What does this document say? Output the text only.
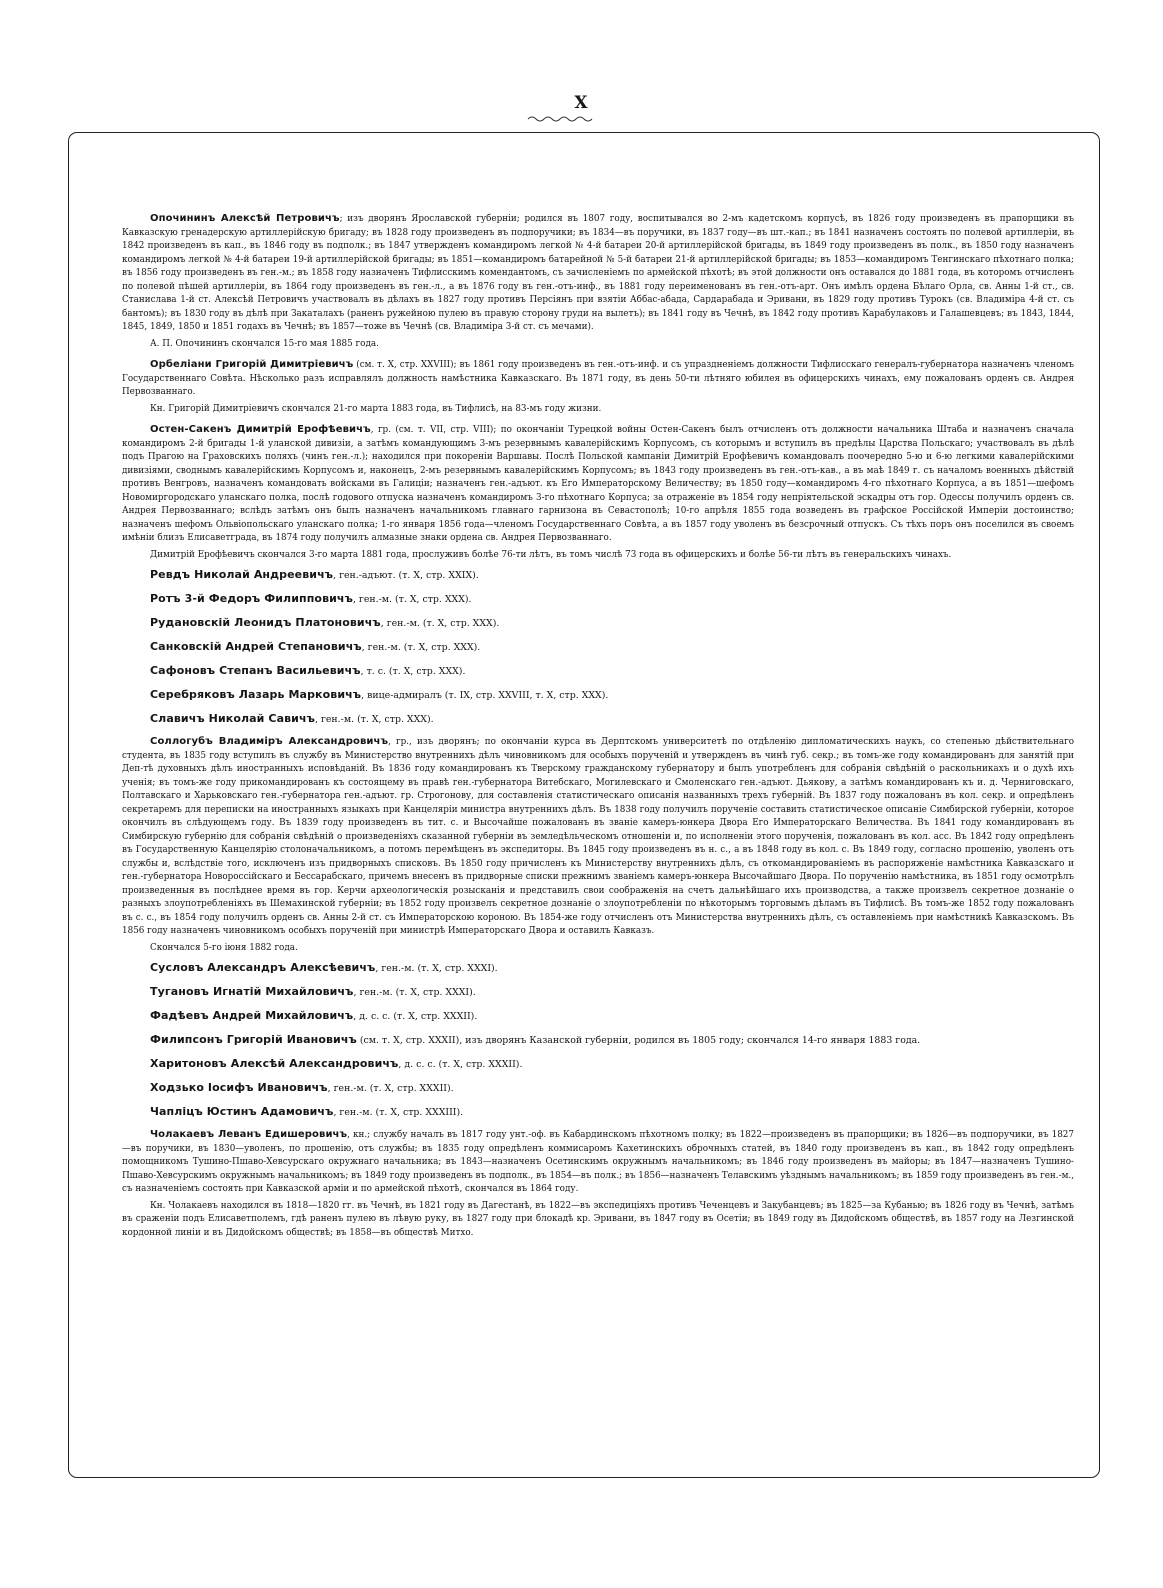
X

Опочининъ Алексѣй Петровичъ; изъ дворянъ Ярославской губерніи; родился въ 1807 году, воспитывался во 2-мъ кадетскомъ корпусѣ, въ 1826 году произведенъ въ прапорщики въ Кавказскую гренадерскую артиллерійскую бригаду; въ 1828 году произведенъ въ подпоручики; въ 1834—въ поручики, въ 1837 году—въ шт.-кап.; въ 1841 назначенъ состоять по полевой артиллеріи, въ 1842 произведенъ въ кап., въ 1846 году въ подполк.; въ 1847 утвержденъ командиромъ легкой № 4-й батареи 20-й артиллерійской бригады, въ 1849 году произведенъ въ полк., въ 1850 году назначенъ командиромъ легкой № 4-й батареи 19-й артиллерійской бригады; въ 1851—командиромъ батарейной № 5-й батареи 21-й артиллерійской бригады; въ 1853—командиромъ Тенгинскаго пѣхотнаго полка; въ 1856 году произведенъ въ ген.-м.; въ 1858 году назначенъ Тифлисскимъ комендантомъ, съ зачисленіемъ по армейской пѣхотѣ; въ этой должности онъ оставался до 1881 года, въ которомъ отчисленъ по полевой пѣшей артиллеріи, въ 1864 году произведенъ въ ген.-л., а въ 1876 году въ ген.-отъ-инф., въ 1881 году переименованъ въ ген.-отъ-арт. Онъ имѣлъ ордена Бѣлаго Орла, св. Анны 1-й ст., св. Станислава 1-й ст. Алексѣй Петровичъ участвовалъ въ дѣлахъ въ 1827 году противъ Персіянъ при взятіи Аббас-абада, Сардарабада и Эривани, въ 1829 году противъ Турокъ (св. Владиміра 4-й ст. съ бантомъ); въ 1830 году въ дѣлѣ при Закаталахъ (раненъ ружейною пулею въ правую сторону груди на вылетъ); въ 1841 году въ Чечнѣ, въ 1842 году противъ Карабулаковъ и Галашевцевъ; въ 1843, 1844, 1845, 1849, 1850 и 1851 годахъ въ Чечнѣ; въ 1857—тоже въ Чечнѣ (св. Владиміра 3-й ст. съ мечами).

А. П. Опочининъ скончался 15-го мая 1885 года.

Орбеліани Григорій Димитріевичъ (см. т. X, стр. XXVIII); въ 1861 году произведенъ въ ген.-отъ-инф. и съ упраздненіемъ должности Тифлисскаго генералъ-губернатора назначенъ членомъ Государственнаго Совѣта. Нѣсколько разъ исправлялъ должность намѣстника Кавказскаго. Въ 1871 году, въ день 50-ти лѣтняго юбилея въ офицерскихъ чинахъ, ему пожалованъ орденъ св. Андрея Первозваннаго.

Кн. Григорій Димитріевичъ скончался 21-го марта 1883 года, въ Тифлисѣ, на 83-мъ году жизни.

Остен-Сакенъ Димитрій Ерофѣевичъ, гр. (см. т. VII, стр. VIII); по окончаніи Турецкой войны Остен-Сакенъ былъ отчисленъ отъ должности начальника Штаба и назначенъ сначала командиромъ 2-й бригады 1-й уланской дивизіи, а затѣмъ командующимъ 3-мъ резервнымъ кавалерійскимъ Корпусомъ, съ которымъ и вступилъ въ предѣлы Царства Польскаго; участвовалъ въ дѣлѣ подъ Прагою на Граховскихъ поляхъ (чинъ ген.-л.); находился при покореніи Варшавы. Послѣ Польской кампаніи Димитрій Ерофѣевичъ командовалъ поочередно 5-ю и 6-ю легкими кавалерійскими дивизіями, своднымъ кавалерійскимъ Корпусомъ и, наконецъ, 2-мъ резервнымъ кавалерійскимъ Корпусомъ; въ 1843 году произведенъ въ ген.-отъ-кав., а въ маѣ 1849 г. съ началомъ военныхъ дѣйствій противъ Венгровъ, назначенъ командовать войсками въ Галиціи; назначенъ ген.-адъют. къ Его Императорскому Величеству; въ 1850 году—командиромъ 4-го пѣхотнаго Корпуса, а въ 1851—шефомъ Новомиргородскаго уланскаго полка, послѣ годового отпуска назначенъ командиромъ 3-го пѣхотнаго Корпуса; за отраженіе въ 1854 году непріятельской эскадры отъ гор. Одессы получилъ орденъ св. Андрея Первозваннаго; вслѣдъ затѣмъ онъ былъ назначенъ начальникомъ главнаго гарнизона въ Севастополѣ; 10-го апрѣля 1855 года возведенъ въ графское Россійской Имперіи достоинство; назначенъ шефомъ Ольвіопольскаго уланскаго полка; 1-го января 1856 года—членомъ Государственнаго Совѣта, а въ 1857 году уволенъ въ безсрочный отпускъ. Съ тѣхъ поръ онъ поселился въ своемъ имѣніи близъ Елисаветграда, въ 1874 году получилъ алмазные знаки ордена св. Андрея Первозваннаго.

Димитрій Ерофѣевичъ скончался 3-го марта 1881 года, прослуживъ болѣе 76-ти лѣтъ, въ томъ числѣ 73 года въ офицерскихъ и болѣе 56-ти лѣтъ въ генеральскихъ чинахъ.

Ревдъ Николай Андреевичъ, ген.-адъют. (т. X, стр. XXIX).
Ротъ 3-й Федоръ Филипповичъ, ген.-м. (т. X, стр. XXX).
Рудановскій Леонидъ Платоновичъ, ген.-м. (т. X, стр. XXX).
Санковскій Андрей Степановичъ, ген.-м. (т. X, стр. XXX).
Сафоновъ Степанъ Васильевичъ, т. с. (т. X, стр. XXX).
Серебряковъ Лазарь Марковичъ, вице-адмиралъ (т. IX, стр. XXVIII, т. X, стр. XXX).
Славичъ Николай Савичъ, ген.-м. (т. X, стр. XXX).

Соллогубъ Владиміръ Александровичъ, гр., изъ дворянъ; по окончаніи курса въ Дерптскомъ университетѣ по отдѣленію дипломатическихъ наукъ, со степенью дѣйствительнаго студента, въ 1835 году вступилъ въ службу въ Министерство внутреннихъ дѣлъ чиновникомъ для особыхъ порученій и утвержденъ въ чинѣ губ. секр.; въ томъ-же году командированъ для занятій при Деп-тѣ духовныхъ дѣлъ иностранныхъ исповѣданій. Въ 1836 году командированъ къ Тверскому гражданскому губернатору и былъ употребленъ для собранія свѣдѣній о раскольникахъ и о духѣ ихъ ученія; въ томъ-же году прикомандированъ къ состоящему въ правѣ ген.-губернатора Витебскаго, Могилевскаго и Смоленскаго ген.-адъют. Дьякову, а затѣмъ командированъ къ и. д. Черниговскаго, Полтавскаго и Харьковскаго ген.-губернатора ген.-адъют. гр. Строгонову, для составленія статистическаго описанія названныхъ трехъ губерній. Въ 1837 году пожалованъ въ кол. секр. и опредѣленъ секретаремъ для переписки на иностранныхъ языкахъ при Канцеляріи министра внутреннихъ дѣлъ. Въ 1838 году получилъ порученіе составить статистическое описаніе Симбирской губерніи, которое окончилъ въ слѣдующемъ году. Въ 1839 году произведенъ въ тит. с. и Высочайше пожалованъ въ званіе камеръ-юнкера Двора Его Императорскаго Величества. Въ 1841 году командированъ въ Симбирскую губернію для собранія свѣдѣній о произведеніяхъ сказанной губерніи въ земледѣльческомъ отношеніи и, по исполненіи этого порученія, пожалованъ въ кол. асс. Въ 1842 году опредѣленъ въ Государственную Канцелярію столоначальникомъ, а потомъ перемѣщенъ въ экспедиторы. Въ 1845 году произведенъ въ н. с., а въ 1848 году въ кол. с. Въ 1849 году, согласно прошенію, уволенъ отъ службы и, вслѣдствіе того, исключенъ изъ придворныхъ списковъ. Въ 1850 году причисленъ къ Министерству внутреннихъ дѣлъ, съ откомандированіемъ въ распоряженіе намѣстника Кавказскаго и ген.-губернатора Новороссійскаго и Бессарабскаго, причемъ внесенъ въ придворные списки прежнимъ званіемъ камеръ-юнкера Высочайшаго Двора. По порученію намѣстника, въ 1851 году осмотрѣлъ произведенныя въ послѣднее время въ гор. Керчи археологическія розысканія и представилъ свои соображенія на счетъ дальнѣйшаго ихъ производства, а также произвелъ секретное дознаніе о разныхъ злоупотребленіяхъ въ Шемахинской губерніи; въ 1852 году произвелъ секретное дознаніе о злоупотребленіи по нѣкоторымъ торговымъ дѣламъ въ Тифлисѣ. Въ томъ-же 1852 году пожалованъ въ с. с., въ 1854 году получилъ орденъ св. Анны 2-й ст. съ Императорскою короною. Въ 1854-же году отчисленъ отъ Министерства внутреннихъ дѣлъ, съ оставленіемъ при намѣстникѣ Кавказскомъ. Въ 1856 году назначенъ чиновникомъ особыхъ порученій при министрѣ Императорскаго Двора и оставилъ Кавказъ.

Скончался 5-го іюня 1882 года.

Сусловъ Александръ Алексѣевичъ, ген.-м. (т. X, стр. XXXI).
Тугановъ Игнатій Михайловичъ, ген.-м. (т. X, стр. XXXI).
Фадѣевъ Андрей Михайловичъ, д. с. с. (т. X, стр. XXXII).
Филипсонъ Григорій Ивановичъ (см. т. X, стр. XXXII), изъ дворянъ Казанской губерніи, родился въ 1805 году; скончался 14-го января 1883 года.
Харитоновъ Алексѣй Александровичъ, д. с. с. (т. X, стр. XXXII).
Ходзько Іосифъ Ивановичъ, ген.-м. (т. X, стр. XXXII).
Чапліцъ Юстинъ Адамовичъ, ген.-м. (т. X, стр. XXXIII).

Чолакаевъ Леванъ Едишеровичъ, кн.; службу началъ въ 1817 году унт.-оф. въ Кабардинскомъ пѣхотномъ полку; въ 1822—произведенъ въ прапорщики; въ 1826—въ подпоручики, въ 1827—въ поручики, въ 1830—уволенъ, по прошенію, отъ службы; въ 1835 году опредѣленъ коммисаромъ Кахетинскихъ оброчныхъ статей, въ 1840 году произведенъ въ кап., въ 1842 году опредѣленъ помощникомъ Тушино-Пшаво-Хевсурскаго окружнаго начальника; въ 1843—назначенъ Осетинскимъ окружнымъ начальникомъ; въ 1846 году произведенъ въ майоры; въ 1847—назначенъ Тушино-Пшаво-Хевсурскимъ окружнымъ начальникомъ; въ 1849 году произведенъ въ подполк., въ 1854—въ полк.; въ 1856—назначенъ Телавскимъ уѣзднымъ начальникомъ; въ 1859 году произведенъ въ ген.-м., съ назначеніемъ состоять при Кавказской арміи и по армейской пѣхотѣ, скончался въ 1864 году.

Кн. Чолакаевъ находился въ 1818—1820 гг. въ Чечнѣ, въ 1821 году въ Дагестанѣ, въ 1822—въ экспедиціяхъ противъ Чеченцевъ и Закубанцевъ; въ 1825—за Кубанью; въ 1826 году въ Чечнѣ, затѣмъ въ сраженіи подъ Елисаветполемъ, гдѣ раненъ пулею въ лѣвую руку, въ 1827 году при блокадѣ кр. Эривани, въ 1847 году въ Осетіи; въ 1849 году въ Дидойскомъ обществѣ, въ 1857 году на Лезгинской кордонной линіи и въ Дидойскомъ обществѣ; въ 1858—въ обществѣ Митхо.
